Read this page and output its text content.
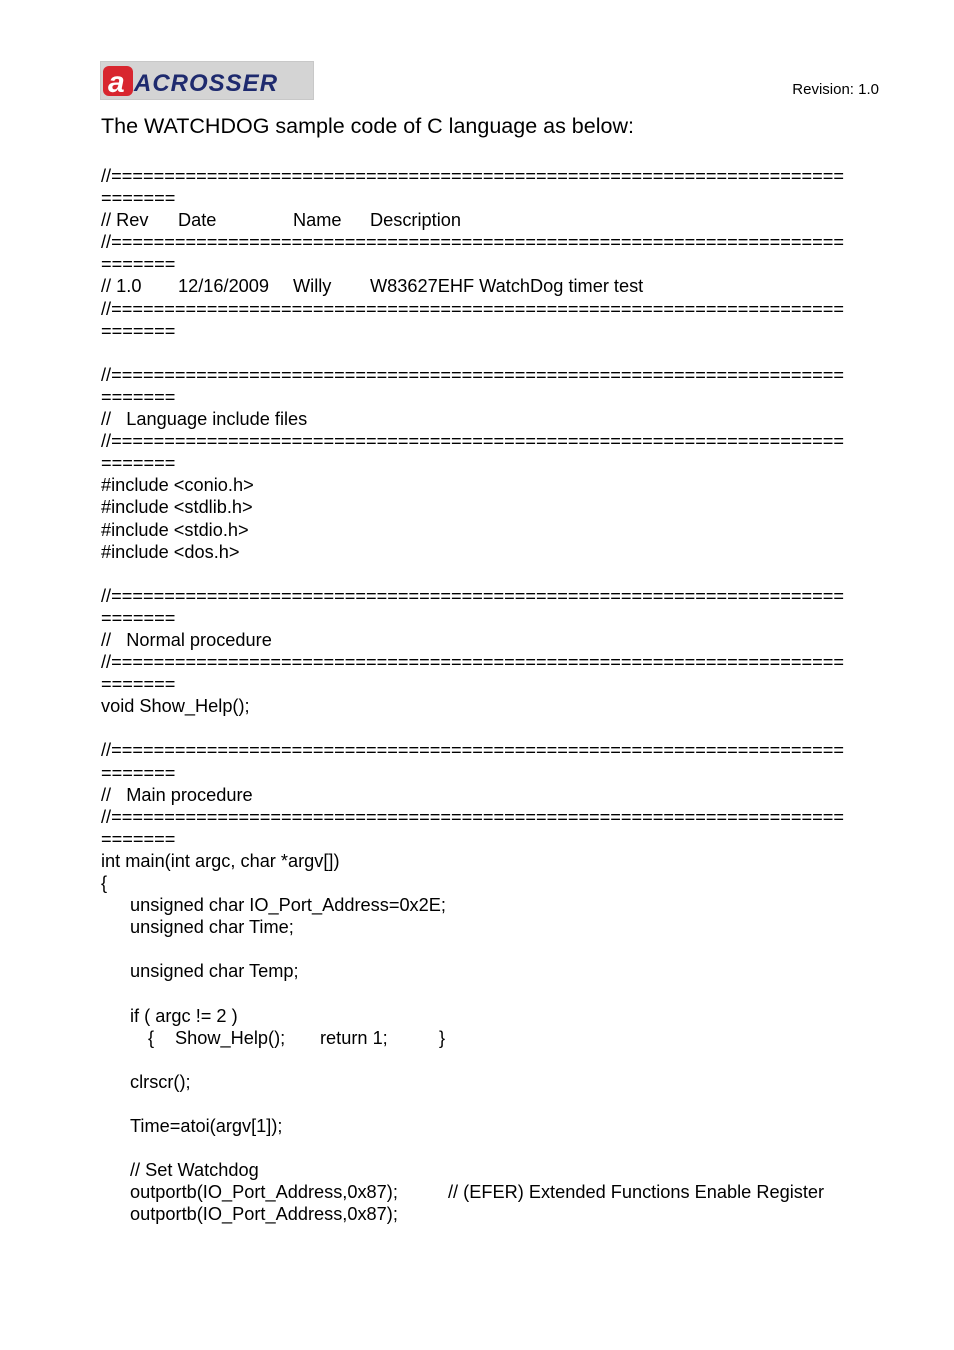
a ACROSSER	Revision: 1.0
The WATCHDOG sample code of C language as below:
//=====================================================================
=======
// Rev Date	Name Description
//=====================================================================
=======
// 1.0 12/16/2009 Willy W83627EHF WatchDog timer test
//=====================================================================
=======
//=====================================================================
=======
//   Language include files
//=====================================================================
=======
#include <conio.h>
#include <stdlib.h>
#include <stdio.h>
#include <dos.h>
//=====================================================================
=======
//   Normal procedure
//=====================================================================
=======
void Show_Help();
//=====================================================================
=======
//   Main procedure
//=====================================================================
=======
int main(int argc, char *argv[])
{
unsigned char IO_Port_Address=0x2E;
unsigned char Time;
unsigned char Temp;
if ( argc != 2 )
{ Show_Help(); return 1;	}
clrscr();
Time=atoi(argv[1]);
// Set Watchdog
outportb(IO_Port_Address,0x87);	// (EFER) Extended Functions Enable Register
outportb(IO_Port_Address,0x87);
